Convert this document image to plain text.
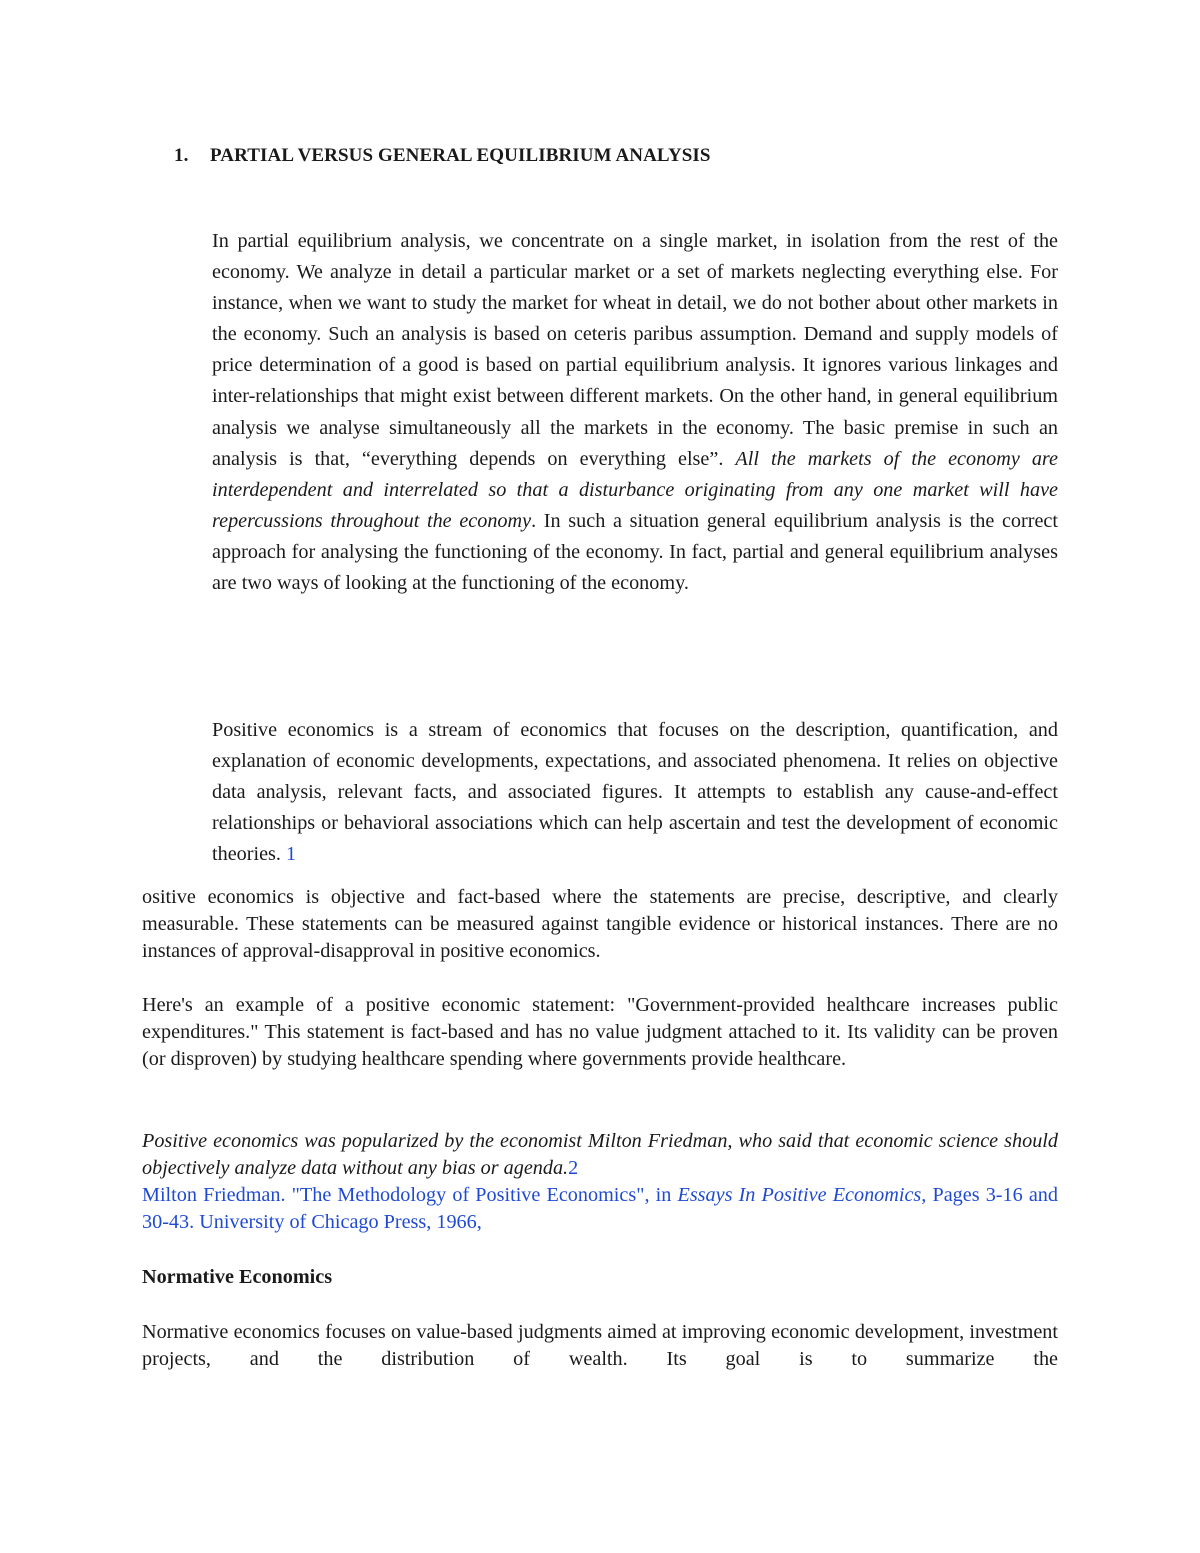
1. PARTIAL VERSUS GENERAL EQUILIBRIUM ANALYSIS
In partial equilibrium analysis, we concentrate on a single market, in isolation from the rest of the economy. We analyze in detail a particular market or a set of markets neglecting everything else. For instance, when we want to study the market for wheat in detail, we do not bother about other markets in the economy. Such an analysis is based on ceteris paribus assumption. Demand and supply models of price determination of a good is based on partial equilibrium analysis. It ignores various linkages and inter-relationships that might exist between different markets. On the other hand, in general equilibrium analysis we analyse simultaneously all the markets in the economy. The basic premise in such an analysis is that, “everything depends on everything else”. All the markets of the economy are interdependent and interrelated so that a disturbance originating from any one market will have repercussions throughout the economy. In such a situation general equilibrium analysis is the correct approach for analysing the functioning of the economy. In fact, partial and general equilibrium analyses are two ways of looking at the functioning of the economy.
Positive economics is a stream of economics that focuses on the description, quantification, and explanation of economic developments, expectations, and associated phenomena. It relies on objective data analysis, relevant facts, and associated figures. It attempts to establish any cause-and-effect relationships or behavioral associations which can help ascertain and test the development of economic theories. 1
ositive economics is objective and fact-based where the statements are precise, descriptive, and clearly measurable. These statements can be measured against tangible evidence or historical instances. There are no instances of approval-disapproval in positive economics.
Here's an example of a positive economic statement: "Government-provided healthcare increases public expenditures." This statement is fact-based and has no value judgment attached to it. Its validity can be proven (or disproven) by studying healthcare spending where governments provide healthcare.
Positive economics was popularized by the economist Milton Friedman, who said that economic science should objectively analyze data without any bias or agenda.2
Milton Friedman. "The Methodology of Positive Economics", in Essays In Positive Economics, Pages 3-16 and 30-43. University of Chicago Press, 1966,
Normative Economics
Normative economics focuses on value-based judgments aimed at improving economic development, investment projects, and the distribution of wealth. Its goal is to summarize the
